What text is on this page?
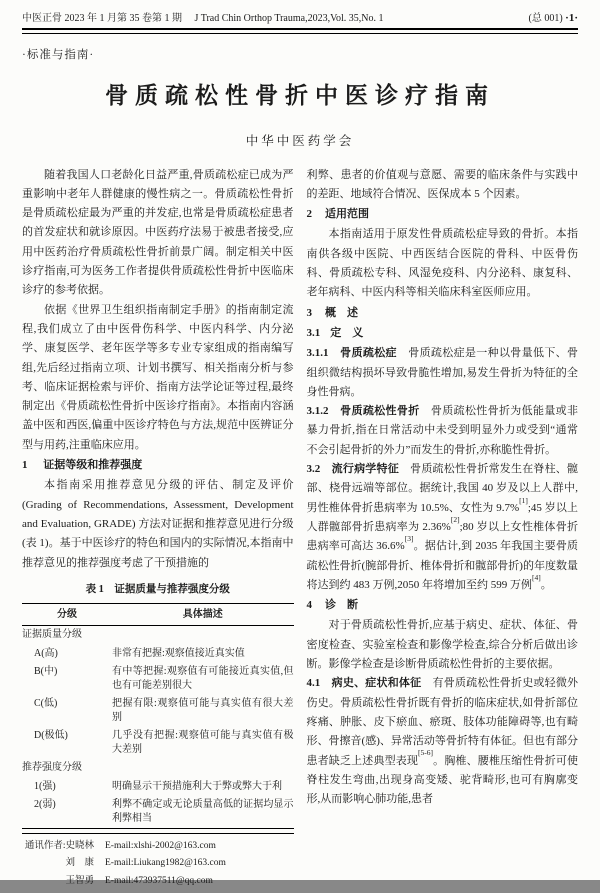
中医正骨 2023 年 1 月第 35 卷第 1 期 J Trad Chin Orthop Trauma,2023,Vol. 35,No. 1	(总 001) ·1·
·标准与指南·
骨质疏松性骨折中医诊疗指南
中华中医药学会

随着我国人口老龄化日益严重,骨质疏松症已成为严重影响中老年人群健康的慢性病之一。骨质疏松性骨折是骨质疏松症最为严重的并发症,也常是骨质疏松症患者的首发症状和就诊原因。中医药疗法易于被患者接受,应用中医药治疗骨质疏松性骨折前景广阔。制定相关中医诊疗指南,可为医务工作者提供骨质疏松性骨折中医临床诊疗的参考依据。

依据《世界卫生组织指南制定手册》的指南制定流程,我们成立了由中医骨伤科学、中医内科学、内分泌学、康复医学、老年医学等多专业专家组成的指南编写组,先后经过指南立项、计划书撰写、相关指南分析与参考、临床证据检索与评价、指南方法学论证等过程,最终制定出《骨质疏松性骨折中医诊疗指南》。本指南内容涵盖中医和西医,偏重中医诊疗特色与方法,规范中医辨证分型与用药,注重临床应用。

1 证据等级和推荐强度

本指南采用推荐意见分级的评估、制定及评价(Grading of Recommendations, Assessment, Development and Evaluation, GRADE) 方法对证据和推荐意见进行分级(表 1)。基于中医诊疗的特色和国内的实际情况,本指南中推荐意见的推荐强度考虑了干预措施的

表 1　证据质量与推荐强度分级
分级	具体描述
证据质量分级	
A(高)	非常有把握:观察值接近真实值
B(中)	有中等把握:观察值有可能接近真实值,但也有可能差别很大
C(低)	把握有限:观察值可能与真实值有很大差别
D(极低)	几乎没有把握:观察值可能与真实值有极大差别
推荐强度分级	
1(强)	明确显示干预措施利大于弊或弊大于利
2(弱)	利弊不确定或无论质量高低的证据均显示利弊相当
通讯作者:史晓林 E-mail:xlshi-2002@163.com
刘　康 E-mail:Liukang1982@163.com
王智勇 E-mail:473937511@qq.com

利弊、患者的价值观与意愿、需要的临床条件与实践中的差距、地域符合情况、医保成本 5 个因素。

2 适用范围

本指南适用于原发性骨质疏松症导致的骨折。本指南供各级中医院、中西医结合医院的骨科、中医骨伤科、骨质疏松专科、风湿免疫科、内分泌科、康复科、老年病科、中医内科等相关临床科室医师应用。

3 概　述
3.1 定　义

3.1.1　骨质疏松症　 骨质疏松症是一种以骨量低下、骨组织微结构损坏导致骨脆性增加,易发生骨折为特征的全身性骨病。

3.1.2　骨质疏松性骨折　 骨质疏松性骨折为低能量或非暴力骨折,指在日常活动中未受到明显外力或受到“通常不会引起骨折的外力”而发生的骨折,亦称脆性骨折。

3.2　流行病学特征　 骨质疏松性骨折常发生在脊柱、髋部、桡骨远端等部位。据统计,我国 40 岁及以上人群中,男性椎体骨折患病率为 10.5%、女性为 9.7%[1];45 岁以上人群髋部骨折患病率为 2.36%[2];80 岁以上女性椎体骨折患病率可高达 36.6%[3]。据估计,到 2035 年我国主要骨质疏松性骨折(腕部骨折、椎体骨折和髋部骨折)的年度数量将达到约 483 万例,2050 年将增加至约 599 万例[4]。

4 诊　断

对于骨质疏松性骨折,应基于病史、症状、体征、骨密度检查、实验室检查和影像学检查,综合分析后做出诊断。影像学检查是诊断骨质疏松性骨折的主要依据。

4.1　病史、症状和体征　 有骨质疏松性骨折史或轻微外伤史。骨质疏松性骨折既有骨折的临床症状,如骨折部位疼痛、肿胀、皮下瘀血、瘀斑、肢体功能障碍等,也有畸形、骨擦音(感)、异常活动等骨折特有体征。但也有部分患者缺乏上述典型表现[5-6]。胸椎、腰椎压缩性骨折可使脊柱发生弯曲,出现身高变矮、驼背畸形,也可有胸廓变形,从而影响心肺功能,患者
